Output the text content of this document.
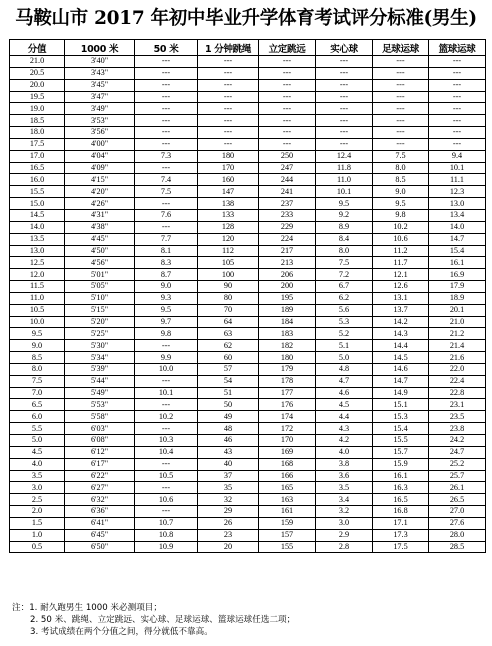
马鞍山市 2017 年初中毕业升学体育考试评分标准(男生)
分值	1000 米	50 米	1 分钟跳绳	立定跳远	实心球	足球运球	篮球运球
21.0	3'40"	---	---	---	---	---	---
20.5	3'43"	---	---	---	---	---	---
20.0	3'45"	---	---	---	---	---	---
19.5	3'47"	---	---	---	---	---	---
19.0	3'49"	---	---	---	---	---	---
18.5	3'53"	---	---	---	---	---	---
18.0	3'56"	---	---	---	---	---	---
17.5	4'00"	---	---	---	---	---	---
17.0	4'04"	7.3	180	250	12.4	7.5	9.4
16.5	4'09"	---	170	247	11.8	8.0	10.1
16.0	4'15"	7.4	160	244	11.0	8.5	11.1
15.5	4'20"	7.5	147	241	10.1	9.0	12.3
15.0	4'26"	---	138	237	9.5	9.5	13.0
14.5	4'31"	7.6	133	233	9.2	9.8	13.4
14.0	4'38"	---	128	229	8.9	10.2	14.0
13.5	4'45"	7.7	120	224	8.4	10.6	14.7
13.0	4'50"	8.1	112	217	8.0	11.2	15.4
12.5	4'56"	8.3	105	213	7.5	11.7	16.1
12.0	5'01"	8.7	100	206	7.2	12.1	16.9
11.5	5'05"	9.0	90	200	6.7	12.6	17.9
11.0	5'10"	9.3	80	195	6.2	13.1	18.9
10.5	5'15"	9.5	70	189	5.6	13.7	20.1
10.0	5'20"	9.7	64	184	5.3	14.2	21.0
9.5	5'25"	9.8	63	183	5.2	14.3	21.2
9.0	5'30"	---	62	182	5.1	14.4	21.4
8.5	5'34"	9.9	60	180	5.0	14.5	21.6
8.0	5'39"	10.0	57	179	4.8	14.6	22.0
7.5	5'44"	---	54	178	4.7	14.7	22.4
7.0	5'49"	10.1	51	177	4.6	14.9	22.8
6.5	5'53"	---	50	176	4.5	15.1	23.1
6.0	5'58"	10.2	49	174	4.4	15.3	23.5
5.5	6'03"	---	48	172	4.3	15.4	23.8
5.0	6'08"	10.3	46	170	4.2	15.5	24.2
4.5	6'12"	10.4	43	169	4.0	15.7	24.7
4.0	6'17"	---	40	168	3.8	15.9	25.2
3.5	6'22"	10.5	37	166	3.6	16.1	25.7
3.0	6'27"	---	35	165	3.5	16.3	26.1
2.5	6'32"	10.6	32	163	3.4	16.5	26.5
2.0	6'36"	---	29	161	3.2	16.8	27.0
1.5	6'41"	10.7	26	159	3.0	17.1	27.6
1.0	6'45"	10.8	23	157	2.9	17.3	28.0
0.5	6'50"	10.9	20	155	2.8	17.5	28.5
注：1. 耐久跑男生 1000 米必测项目；
2. 50 米、跳绳、立定跳远、实心球、足球运球、篮球运球任选二项；
3. 考试成绩在两个分值之间，得分就低不靠高。
